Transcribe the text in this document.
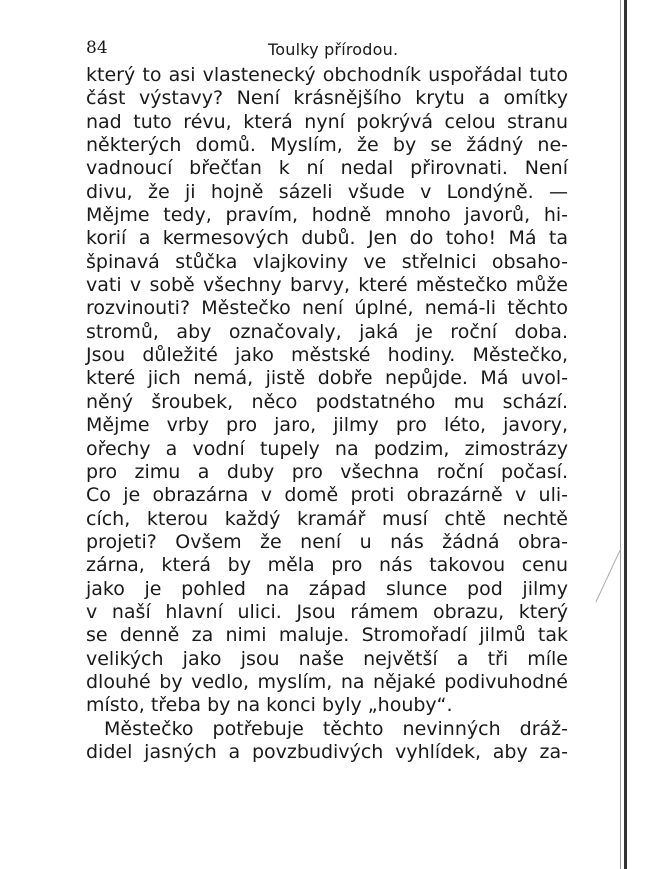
84	Toulky přírodou.
který to asi vlastenecký obchodník uspořádal tuto
část výstavy? Není krásnějšího krytu a omítky
nad tuto révu, která nyní pokrývá celou stranu
některých domů. Myslím, že by se žádný ne-
vadnoucí břečťan k ní nedal přirovnati. Není
divu, že ji hojně sázeli všude v Londýně. —
Mějme tedy, pravím, hodně mnoho javorů, hi-
korií a kermesových dubů. Jen do toho! Má ta
špinavá stůčka vlajkoviny ve střelnici obsaho-
vati v sobě všechny barvy, které městečko může
rozvinouti? Městečko není úplné, nemá-li těchto
stromů, aby označovaly, jaká je roční doba.
Jsou důležité jako městské hodiny. Městečko,
které jich nemá, jistě dobře nepůjde. Má uvol-
něný šroubek, něco podstatného mu schází.
Mějme vrby pro jaro, jilmy pro léto, javory,
ořechy a vodní tupely na podzim, zimostrázy
pro zimu a duby pro všechna roční počasí.
Co je obrazárna v domě proti obrazárně v uli-
cích, kterou každý kramář musí chtě nechtě
projeti? Ovšem že není u nás žádná obra-
zárna, která by měla pro nás takovou cenu
jako je pohled na západ slunce pod jilmy
v naší hlavní ulici. Jsou rámem obrazu, který
se denně za nimi maluje. Stromořadí jilmů tak
velikých jako jsou naše největší a tři míle
dlouhé by vedlo, myslím, na nějaké podivuhodné
místo, třeba by na konci byly „houby“.
Městečko potřebuje těchto nevinných dráž-
didel jasných a povzbudivých vyhlídek, aby za-
